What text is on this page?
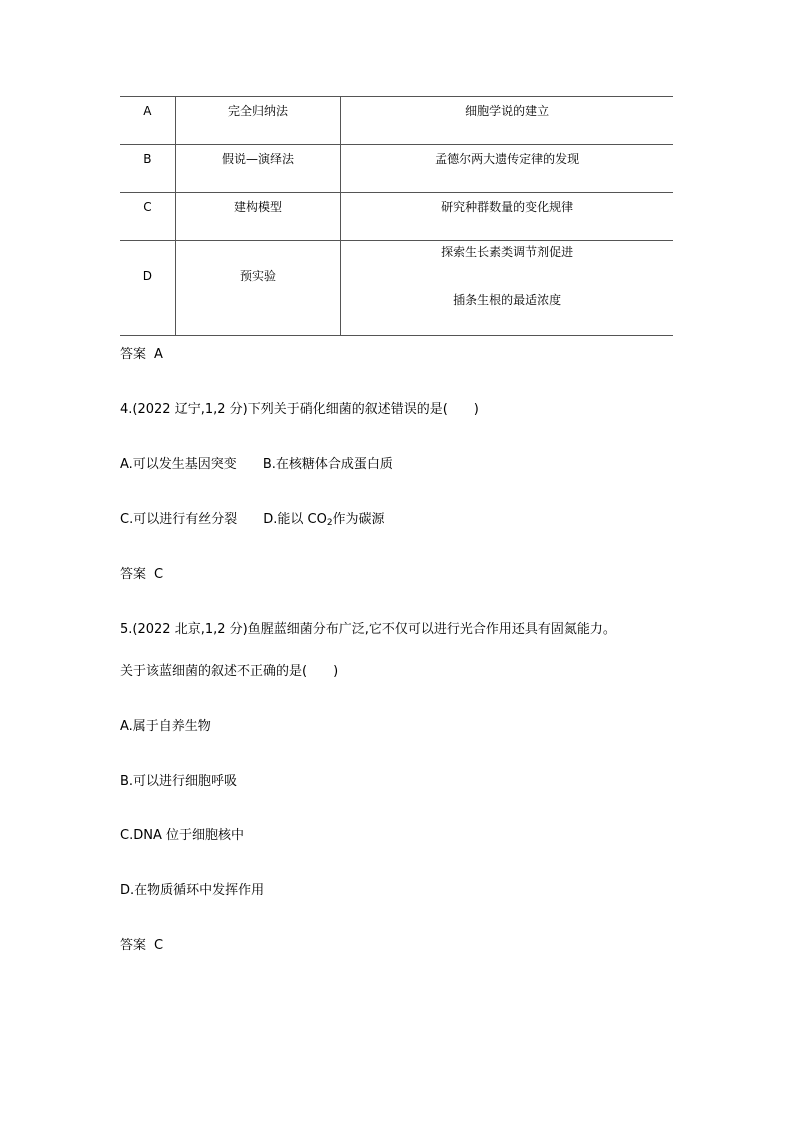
A	完全归纳法	细胞学说的建立

B	假说—演绎法	孟德尔两大遗传定律的发现

C	建构模型	研究种群数量的变化规律

D	预实验	探索生长素类调节剂促进
插条生根的最适浓度
答案 A
4.(2022 辽宁,1,2 分)下列关于硝化细菌的叙述错误的是(　　)
A.可以发生基因突变 B.在核糖体合成蛋白质
C.可以进行有丝分裂 D.能以 $CO_2$作为碳源
答案 C
5.(2022 北京,1,2 分)鱼腥蓝细菌分布广泛,它不仅可以进行光合作用还具有固氮能力。
关于该蓝细菌的叙述不正确的是(　　)
A.属于自养生物
B.可以进行细胞呼吸
C.DNA 位于细胞核中
D.在物质循环中发挥作用
答案 C
